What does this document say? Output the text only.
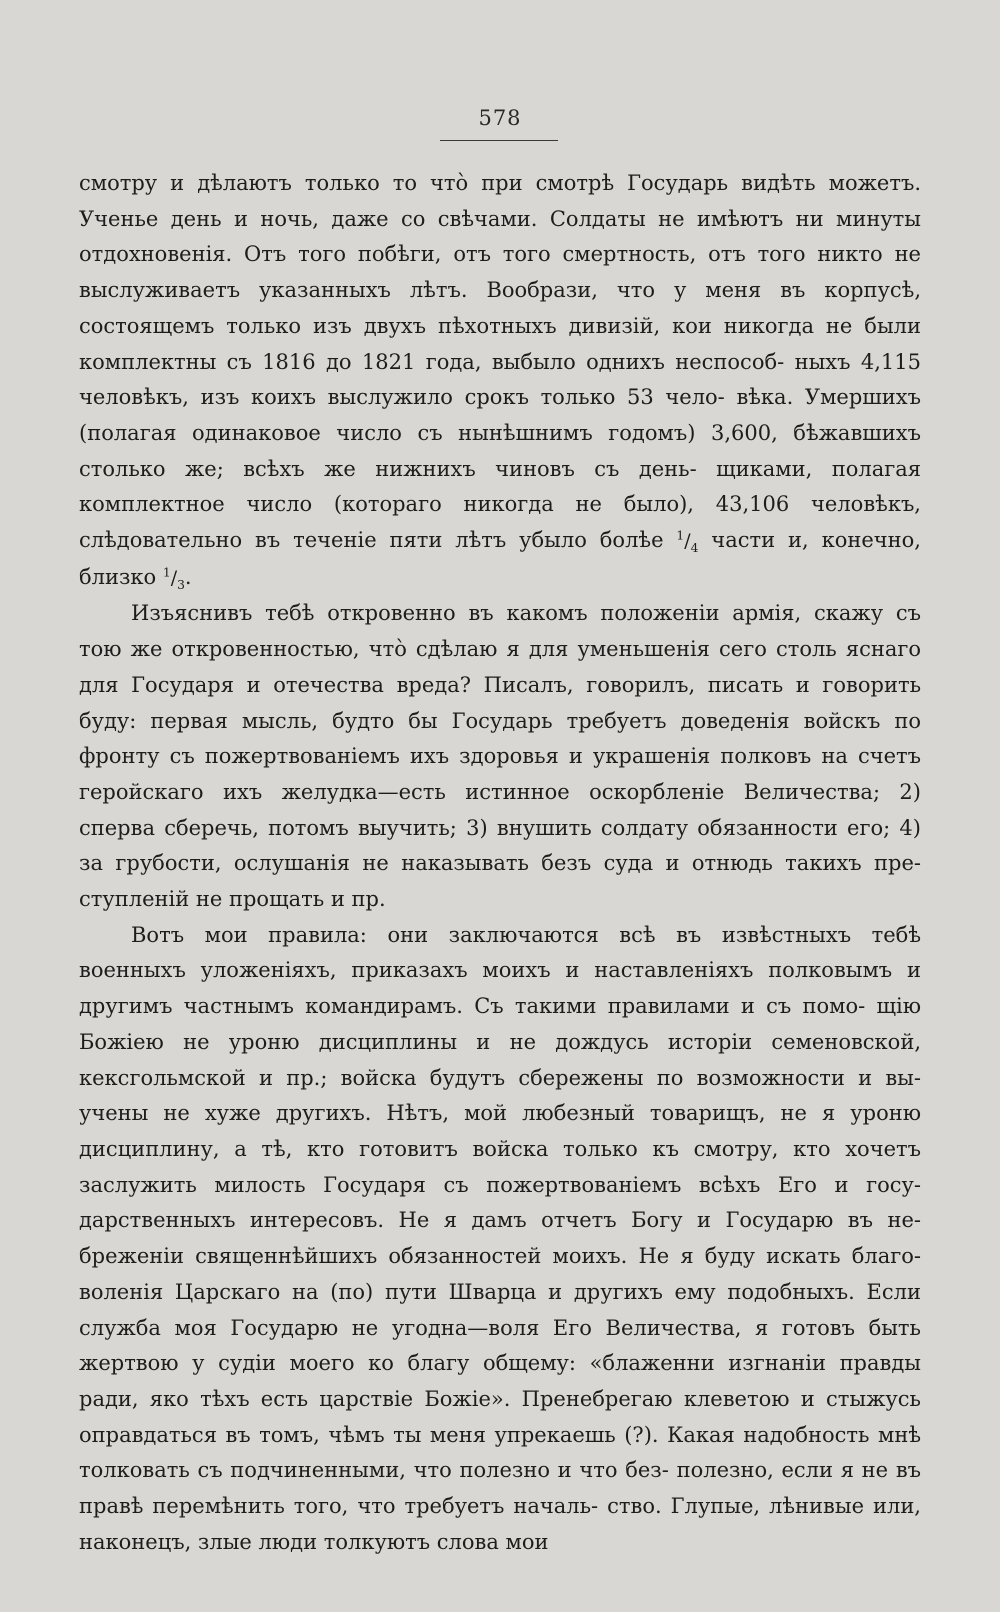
578

смотру и дѣлаютъ только то что̀ при смотрѣ Государь видѣть можетъ. Ученье день и ночь, даже со свѣчами. Солдаты не имѣютъ ни минуты отдохновенія. Отъ того побѣги, отъ того смертность, отъ того никто не выслуживаетъ указанныхъ лѣтъ. Вообрази, что у меня въ корпусѣ, состоящемъ только изъ двухъ пѣхотныхъ дивизій, кои никогда не были комплектны съ 1816 до 1821 года, выбыло однихъ неспособ- ныхъ 4,115 человѣкъ, изъ коихъ выслужило срокъ только 53 чело- вѣка. Умершихъ (полагая одинаковое число съ нынѣшнимъ годомъ) 3,600, бѣжавшихъ столько же; всѣхъ же нижнихъ чиновъ съ день- щиками, полагая комплектное число (котораго никогда не было), 43,106 человѣкъ, слѣдовательно въ теченіе пяти лѣтъ убыло болѣе $^1/_4$ части и, конечно, близко $^1/_3$.

Изъяснивъ тебѣ откровенно въ какомъ положеніи армія, скажу съ тою же откровенностью, что̀ сдѣлаю я для уменьшенія сего столь яснаго для Государя и отечества вреда? Писалъ, говорилъ, писать и говорить буду: первая мысль, будто бы Государь требуетъ доведенія войскъ по фронту съ пожертвованіемъ ихъ здоровья и украшенія полковъ на счетъ геройскаго ихъ желудка—есть истинное оскорбленіе Величества; 2) сперва сберечь, потомъ выучить; 3) внушить солдату обязанности его; 4) за грубости, ослушанія не наказывать безъ суда и отнюдь такихъ пре- ступленій не прощать и пр.

Вотъ мои правила: они заключаются всѣ въ извѣстныхъ тебѣ военныхъ уложеніяхъ, приказахъ моихъ и наставленіяхъ полковымъ и другимъ частнымъ командирамъ. Съ такими правилами и съ помо- щію Божіею не уроню дисциплины и не дождусь исторіи семеновской, кексгольмской и пр.; войска будутъ сбережены по возможности и вы- учены не хуже другихъ. Нѣтъ, мой любезный товарищъ, не я уроню дисциплину, а тѣ, кто готовитъ войска только къ смотру, кто хочетъ заслужить милость Государя съ пожертвованіемъ всѣхъ Его и госу- дарственныхъ интересовъ. Не я дамъ отчетъ Богу и Государю въ не- брежeніи священнѣйшихъ обязанностей моихъ. Не я буду искать благо- воленія Царскаго на (по) пути Шварца и другихъ ему подобныхъ. Если служба моя Государю не угодна—воля Его Величества, я готовъ быть жертвою у судіи моего ко благу общему: «блаженни изгнаніи правды ради, яко тѣхъ есть царствіе Божіе». Пренебрегаю клеветою и стыжусь оправдаться въ томъ, чѣмъ ты меня упрекаешь (?). Какая надобность мнѣ толковать съ подчиненными, что полезно и что без- полезно, если я не въ правѣ перемѣнить того, что требуетъ началь- ство. Глупые, лѣнивые или, наконецъ, злые люди толкуютъ слова мои
